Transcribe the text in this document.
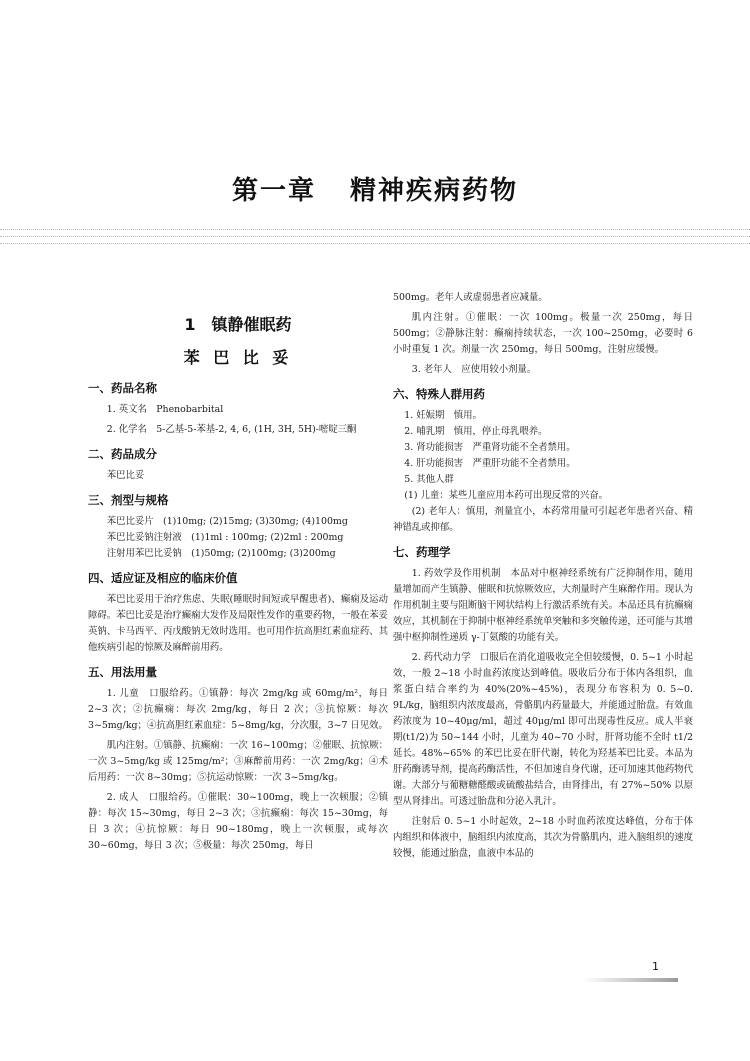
第一章 精神疾病药物
1　镇静催眠药
苯 巴 比 妥
一、药品名称

1. 英文名　Phenobarbital

2. 化学名　5-乙基-5-苯基-2, 4, 6, (1H, 3H, 5H)-嘧啶三酮

二、药品成分

苯巴比妥

三、剂型与规格

苯巴比妥片　(1)10mg; (2)15mg; (3)30mg; (4)100mg

苯巴比妥钠注射液　(1)1ml : 100mg; (2)2ml : 200mg

注射用苯巴比妥钠　(1)50mg; (2)100mg; (3)200mg

四、适应证及相应的临床价值

苯巴比妥用于治疗焦虑、失眠(睡眠时间短或早醒患者)、癫痫及运动障碍。苯巴比妥是治疗癫痫大发作及局限性发作的重要药物，一般在苯妥英钠、卡马西平、丙戊酸钠无效时选用。也可用作抗高胆红素血症药、其他疾病引起的惊厥及麻醉前用药。

五、用法用量

1. 儿童　口服给药。①镇静：每次 2mg/kg 或 60mg/m²，每日 2~3 次；②抗癫痫：每次 2mg/kg，每日 2 次；③抗惊厥：每次 3~5mg/kg；④抗高胆红素血症：5~8mg/kg，分次服，3~7 日见效。

肌内注射。①镇静、抗癫痫：一次 16~100mg；②催眠、抗惊厥：一次 3~5mg/kg 或 125mg/m²；③麻醉前用药：一次 2mg/kg；④术后用药：一次 8~30mg；⑤抗运动惊厥：一次 3~5mg/kg。

2. 成人　口服给药。①催眠：30~100mg，晚上一次顿服；②镇静：每次 15~30mg，每日 2~3 次；③抗癫痫：每次 15~30mg，每日 3 次；④抗惊厥：每日 90~180mg，晚上一次顿服，或每次 30~60mg，每日 3 次；⑤极量：每次 250mg，每日

500mg。老年人或虚弱患者应减量。

肌内注射。①催眠：一次 100mg。极量一次 250mg，每日 500mg；②静脉注射：癫痫持续状态，一次 100~250mg，必要时 6 小时重复 1 次。剂量一次 250mg，每日 500mg，注射应缓慢。

3. 老年人　应使用较小剂量。

六、特殊人群用药

1. 妊娠期　慎用。

2. 哺乳期　慎用，停止母乳喂养。

3. 肾功能损害　严重肾功能不全者禁用。

4. 肝功能损害　严重肝功能不全者禁用。

5. 其他人群

(1) 儿童：某些儿童应用本药可出现反常的兴奋。

(2) 老年人：慎用，剂量宜小，本药常用量可引起老年患者兴奋、精神错乱或抑郁。

七、药理学

1. 药效学及作用机制　本品对中枢神经系统有广泛抑制作用，随用量增加而产生镇静、催眠和抗惊厥效应，大剂量时产生麻醉作用。现认为作用机制主要与阻断脑干网状结构上行激活系统有关。本品还具有抗癫痫效应，其机制在于抑制中枢神经系统单突触和多突触传递，还可能与其增强中枢抑制性递质 γ-丁氨酸的功能有关。

2. 药代动力学　口服后在消化道吸收完全但较缓慢，0. 5~1 小时起效，一般 2~18 小时血药浓度达到峰值。吸收后分布于体内各组织，血浆蛋白结合率约为 40%(20%~45%)，表现分布容积为 0. 5~0. 9L/kg，脑组织内浓度最高，骨骼肌内药量最大，并能通过胎盘。有效血药浓度为 10~40μg/ml，超过 40μg/ml 即可出现毒性反应。成人半衰期(t1/2)为 50~144 小时，儿童为 40~70 小时，肝肾功能不全时 t1/2 延长。48%~65% 的苯巴比妥在肝代谢，转化为羟基苯巴比妥。本品为肝药酶诱导剂，提高药酶活性，不但加速自身代谢，还可加速其他药物代谢。大部分与葡糖糖醛酸或硫酸盐结合，由肾排出，有 27%~50% 以原型从肾排出。可透过胎盘和分泌入乳汁。

注射后 0. 5~1 小时起效，2~18 小时血药浓度达峰值，分布于体内组织和体液中，脑组织内浓度高，其次为骨骼肌内，进入脑组织的速度较慢，能通过胎盘，血液中本品的

1
